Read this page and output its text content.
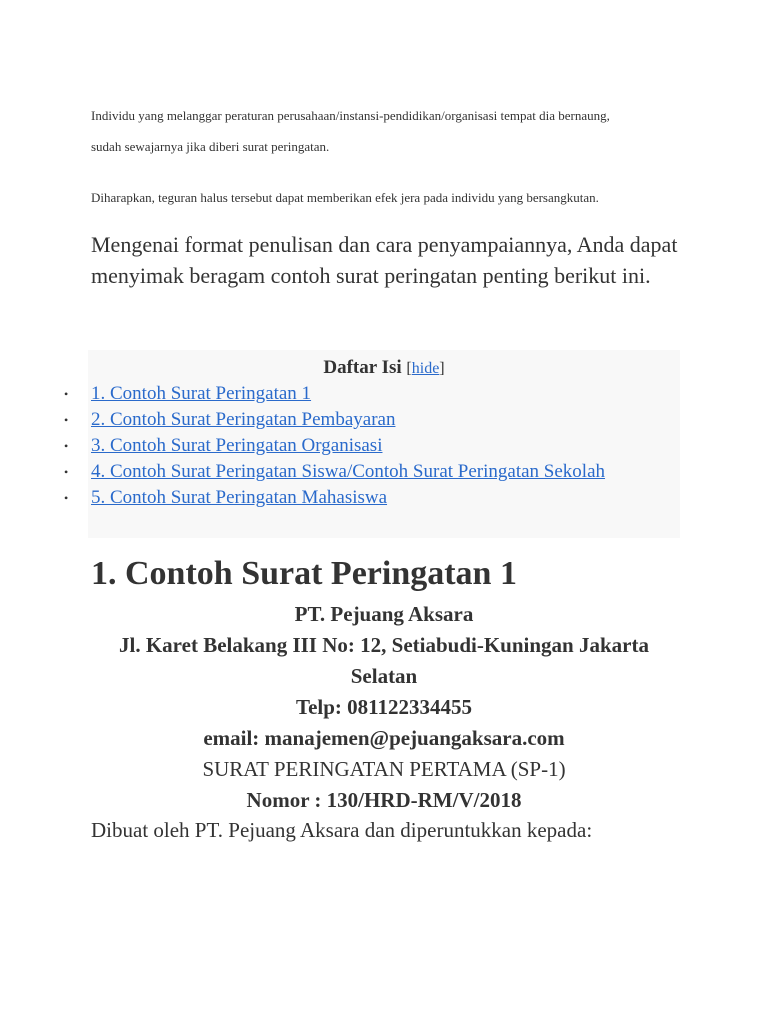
Individu yang melanggar peraturan perusahaan/instansi-pendidikan/organisasi tempat dia bernaung,

sudah sewajarnya jika diberi surat peringatan.

Diharapkan, teguran halus tersebut dapat memberikan efek jera pada individu yang bersangkutan.

Mengenai format penulisan dan cara penyampaiannya, Anda dapat menyimak beragam contoh surat peringatan penting berikut ini.

Daftar Isi [hide]
•	1. Contoh Surat Peringatan 1
•	2. Contoh Surat Peringatan Pembayaran
•	3. Contoh Surat Peringatan Organisasi
•	4. Contoh Surat Peringatan Siswa/Contoh Surat Peringatan Sekolah
•	5. Contoh Surat Peringatan Mahasiswa
1. Contoh Surat Peringatan 1
PT. Pejuang Aksara
Jl. Karet Belakang III No: 12, Setiabudi-Kuningan Jakarta Selatan
Telp: 081122334455
email: manajemen@pejuangaksara.com
SURAT PERINGATAN PERTAMA (SP-1)
Nomor : 130/HRD-RM/V/2018

Dibuat oleh PT. Pejuang Aksara dan diperuntukkan kepada:
